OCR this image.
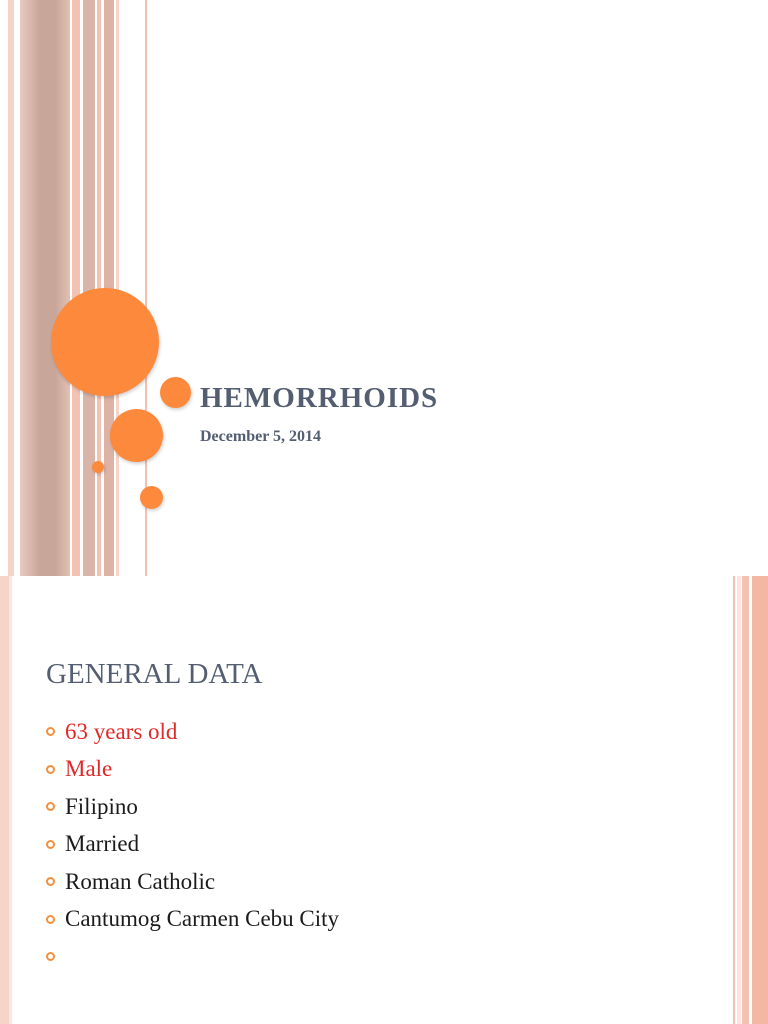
HEMORRHOIDS

December 5, 2014

GENERAL DATA
63 years old
Male
Filipino
Married
Roman Catholic
Cantumog Carmen Cebu City
